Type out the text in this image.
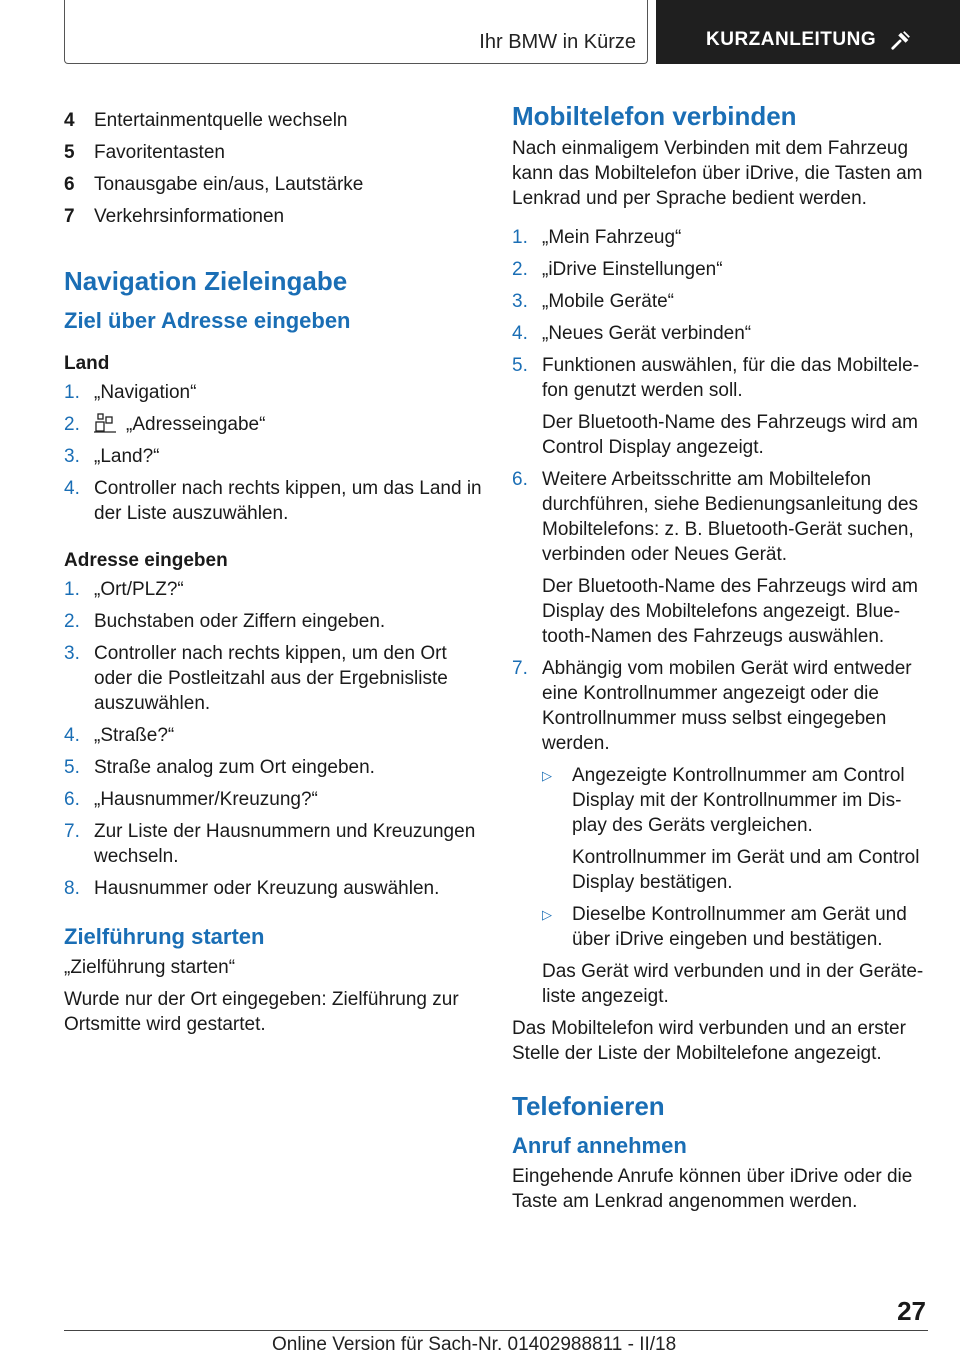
Ihr BMW in Kürze	KURZANLEITUNG
4 Entertainmentquelle wechseln
5 Favoritentasten
6 Tonausgabe ein/aus, Lautstärke
7 Verkehrsinformationen
Navigation Zieleingabe
Ziel über Adresse eingeben
Land
1. „Navigation“
2. „Adresseingabe“
3. „Land?“
4. Controller nach rechts kippen, um das Land in der Liste auszuwählen.
Adresse eingeben
1. „Ort/PLZ?“
2. Buchstaben oder Ziffern eingeben.
3. Controller nach rechts kippen, um den Ort oder die Postleitzahl aus der Ergebnisliste auszuwählen.
4. „Straße?“
5. Straße analog zum Ort eingeben.
6. „Hausnummer/Kreuzung?“
7. Zur Liste der Hausnummern und Kreuzungen wechseln.
8. Hausnummer oder Kreuzung auswählen.
Zielführung starten
„Zielführung starten“
Wurde nur der Ort eingegeben: Zielführung zur Ortsmitte wird gestartet.
Mobiltelefon verbinden
Nach einmaligem Verbinden mit dem Fahrzeug kann das Mobiltelefon über iDrive, die Tasten am Lenkrad und per Sprache bedient werden.
1. „Mein Fahrzeug“
2. „iDrive Einstellungen“
3. „Mobile Geräte“
4. „Neues Gerät verbinden“
5. Funktionen auswählen, für die das Mobiltele-fon genutzt werden soll.
Der Bluetooth-Name des Fahrzeugs wird am Control Display angezeigt.
6. Weitere Arbeitsschritte am Mobiltelefon durchführen, siehe Bedienungsanleitung des Mobiltelefons: z. B. Bluetooth-Gerät suchen, verbinden oder Neues Gerät.
Der Bluetooth-Name des Fahrzeugs wird am Display des Mobiltelefons angezeigt. Blue-tooth-Namen des Fahrzeugs auswählen.
7. Abhängig vom mobilen Gerät wird entweder eine Kontrollnummer angezeigt oder die Kontrollnummer muss selbst eingegeben werden.
▷ Angezeigte Kontrollnummer am Control Display mit der Kontrollnummer im Dis-play des Geräts vergleichen.
Kontrollnummer im Gerät und am Control Display bestätigen.
▷ Dieselbe Kontrollnummer am Gerät und über iDrive eingeben und bestätigen.
Das Gerät wird verbunden und in der Geräte-liste angezeigt.
Das Mobiltelefon wird verbunden und an erster Stelle der Liste der Mobiltelefone angezeigt.
Telefonieren
Anruf annehmen
Eingehende Anrufe können über iDrive oder die Taste am Lenkrad angenommen werden.
27
Online Version für Sach-Nr. 01402988811 - II/18
